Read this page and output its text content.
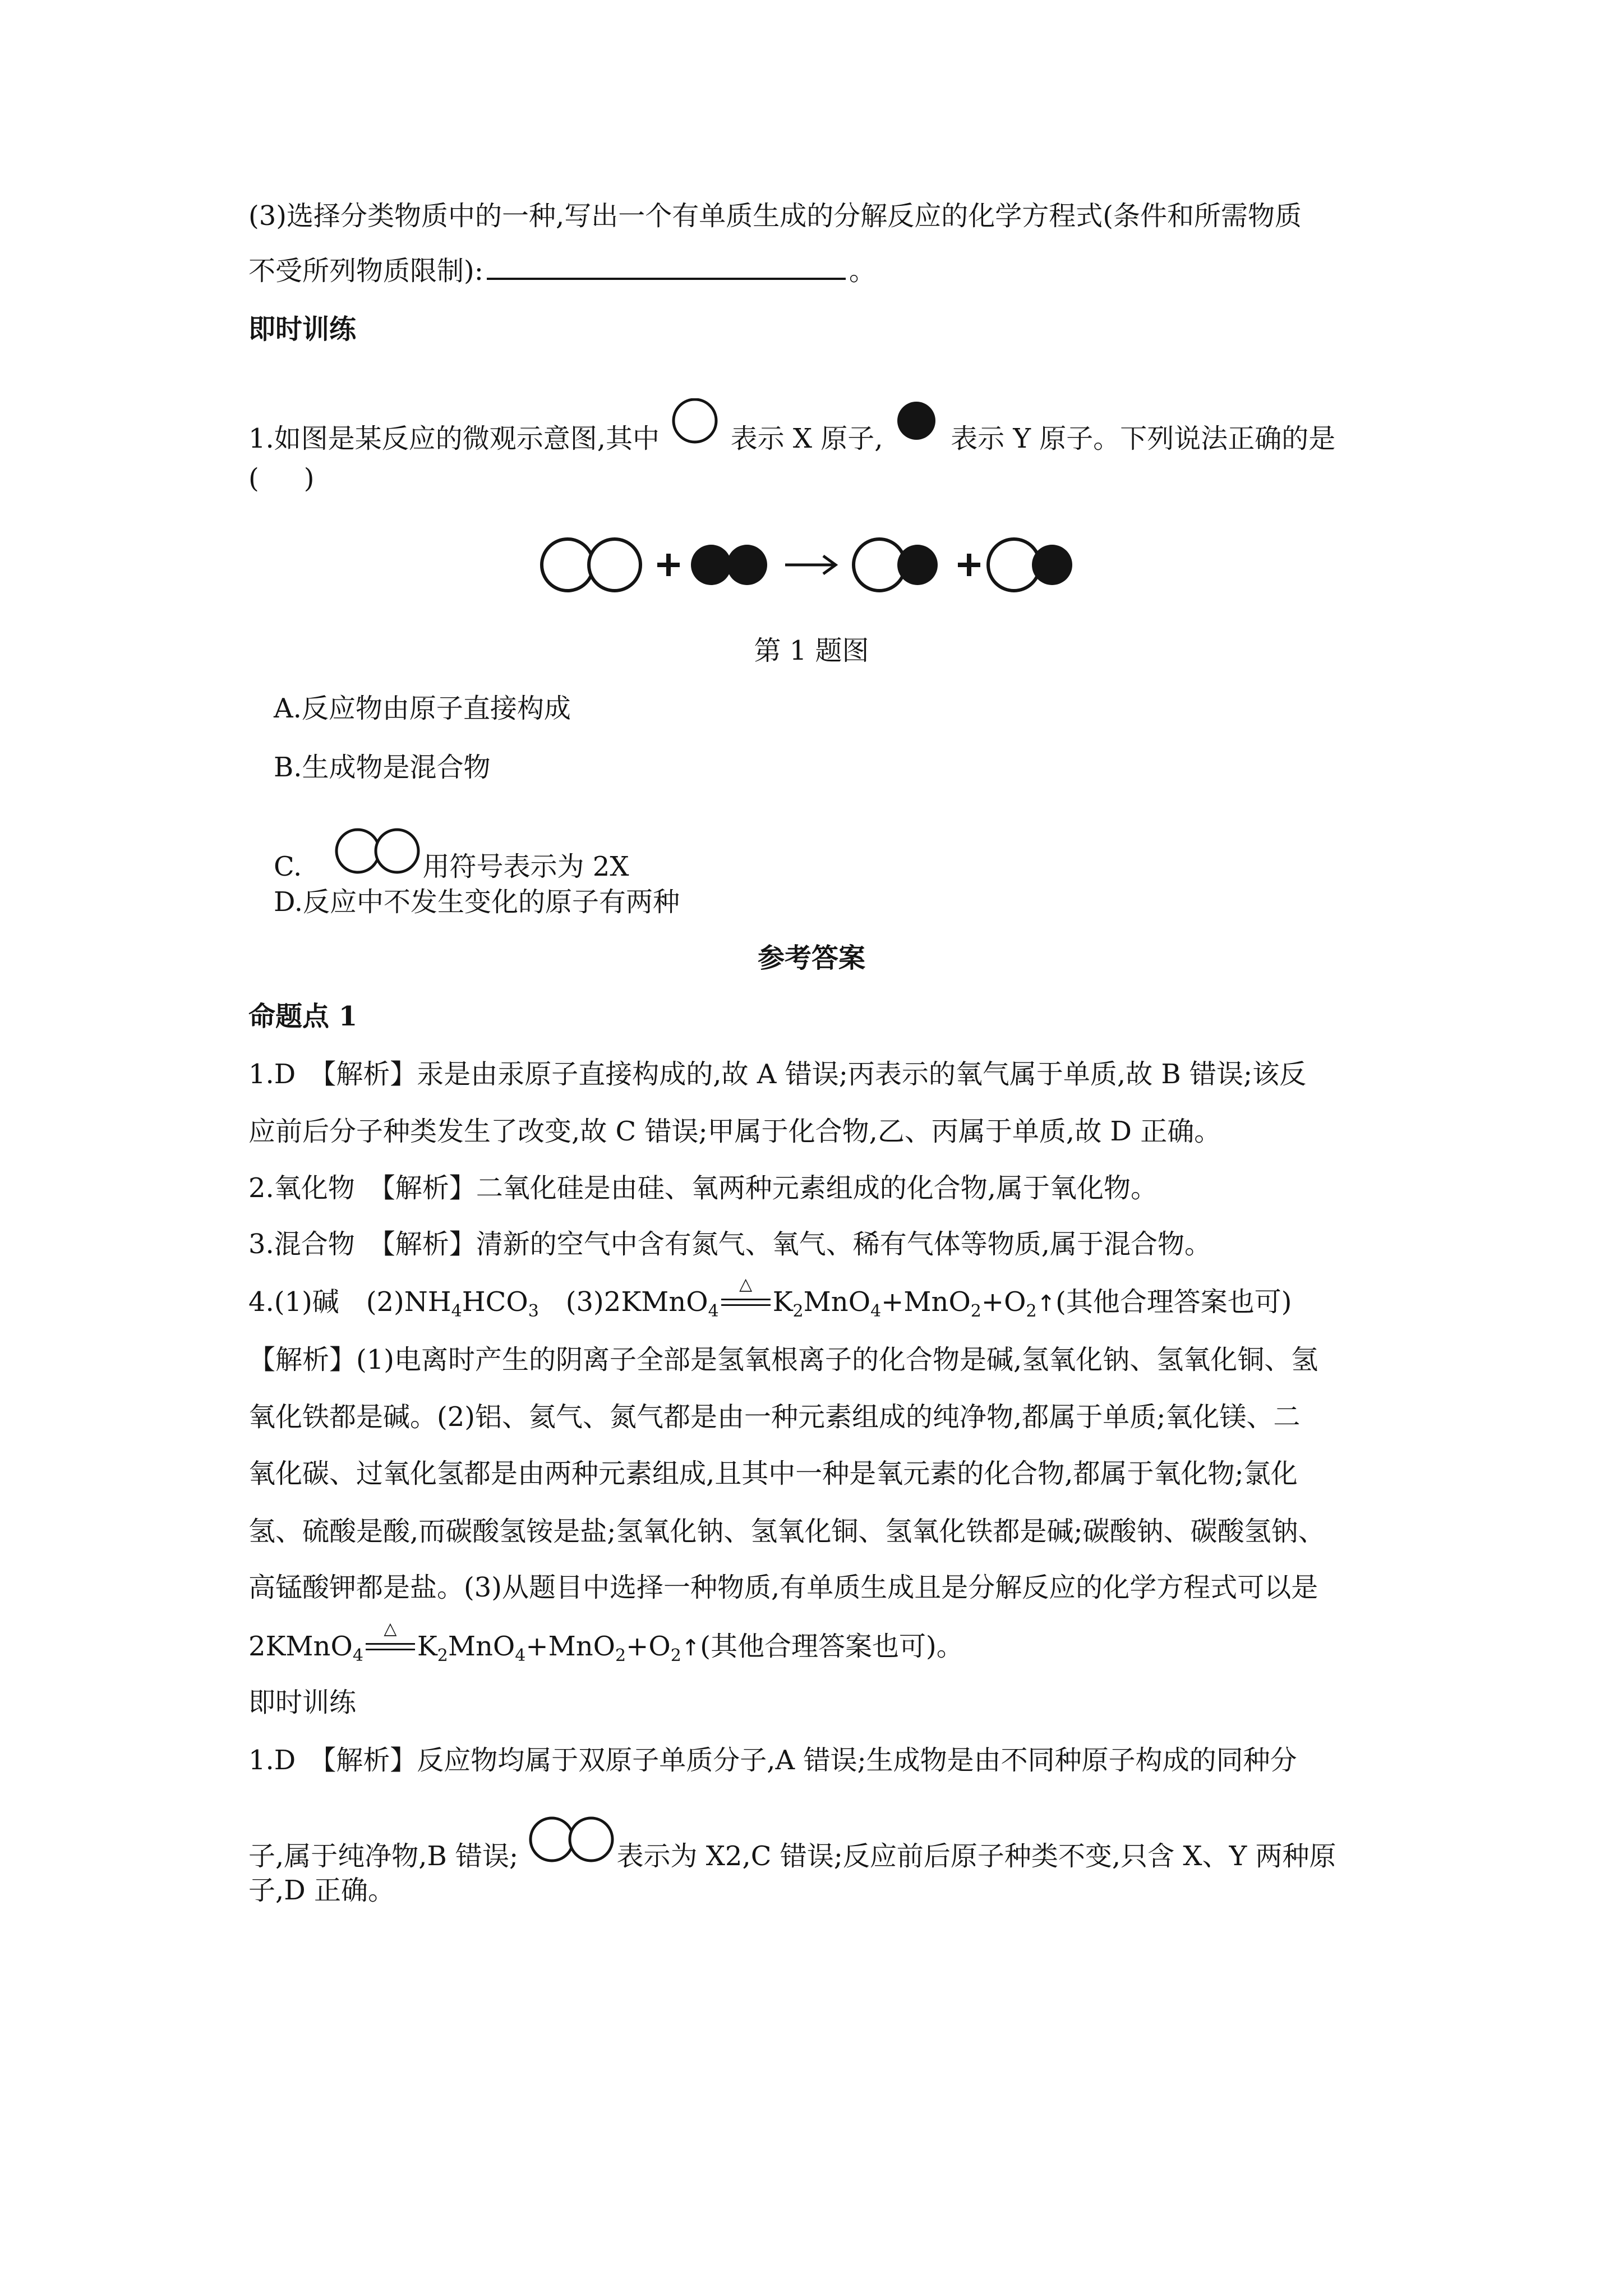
(3)选择分类物质中的一种,写出一个有单质生成的分解反应的化学方程式(条件和所需物质
不受所列物质限制):	。
即时训练
1.如图是某反应的微观示意图,其中	表示 X 原子,	表示 Y 原子。下列说法正确的是
( )
第 1 题图
A.反应物由原子直接构成
B.生成物是混合物
C.	用符号表示为 2X
D.反应中不发生变化的原子有两种
参考答案
命题点 1
1.D　【解析】汞是由汞原子直接构成的,故 A 错误;丙表示的氧气属于单质,故 B 错误;该反
应前后分子种类发生了改变,故 C 错误;甲属于化合物,乙、丙属于单质,故 D 正确。
2.氧化物　【解析】二氧化硅是由硅、氧两种元素组成的化合物,属于氧化物。
3.混合物　【解析】清新的空气中含有氮气、氧气、稀有气体等物质,属于混合物。
4.(1)碱　$(2)NH_4HCO_3$　(3)2KMnO$_4$
△
$K_2MnO_4+MnO_2+O_2↑$(其他合理答案也可)
【解析】(1)电离时产生的阴离子全部是氢氧根离子的化合物是碱,氢氧化钠、氢氧化铜、氢
氧化铁都是碱。(2)铝、氦气、氮气都是由一种元素组成的纯净物,都属于单质;氧化镁、二
氧化碳、过氧化氢都是由两种元素组成,且其中一种是氧元素的化合物,都属于氧化物;氯化
氢、硫酸是酸,而碳酸氢铵是盐;氢氧化钠、氢氧化铜、氢氧化铁都是碱;碳酸钠、碳酸氢钠、
高锰酸钾都是盐。(3)从题目中选择一种物质,有单质生成且是分解反应的化学方程式可以是
2KMnO$_4$
△
$K_2MnO_4+MnO_2+O_2↑$(其他合理答案也可)。
即时训练
1.D　【解析】反应物均属于双原子单质分子,A 错误;生成物是由不同种原子构成的同种分
子,属于纯净物,B 错误;	表示为 X2,C 错误;反应前后原子种类不变,只含 X、Y 两种原
子,D 正确。
